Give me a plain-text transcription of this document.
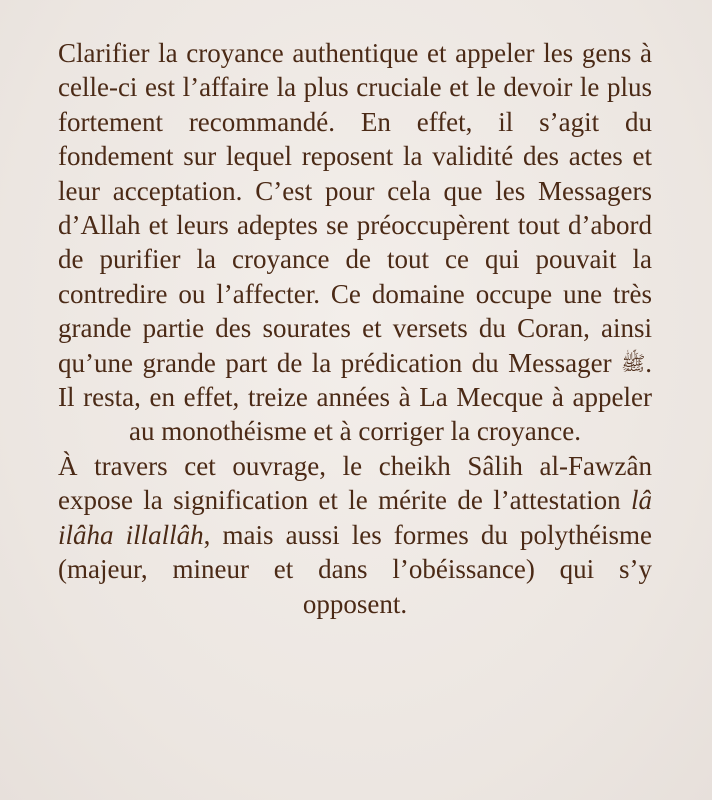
Clarifier la croyance authentique et appeler les gens à celle-ci est l’affaire la plus cruciale et le devoir le plus fortement recommandé. En effet, il s’agit du fondement sur lequel reposent la validité des actes et leur acceptation. C’est pour cela que les Messagers d’Allah et leurs adeptes se préoccupèrent tout d’abord de purifier la croyance de tout ce qui pouvait la contredire ou l’affecter. Ce domaine occupe une très grande partie des sourates et versets du Coran, ainsi qu’une grande part de la prédication du Messager ﷺ. Il resta, en effet, treize années à La Mecque à appeler au monothéisme et à corriger la croyance.

À travers cet ouvrage, le cheikh Sâlih al-Fawzân expose la signification et le mérite de l’attestation lâ ilâha illallâh, mais aussi les formes du polythéisme (majeur, mineur et dans l’obéissance) qui s’y opposent.
